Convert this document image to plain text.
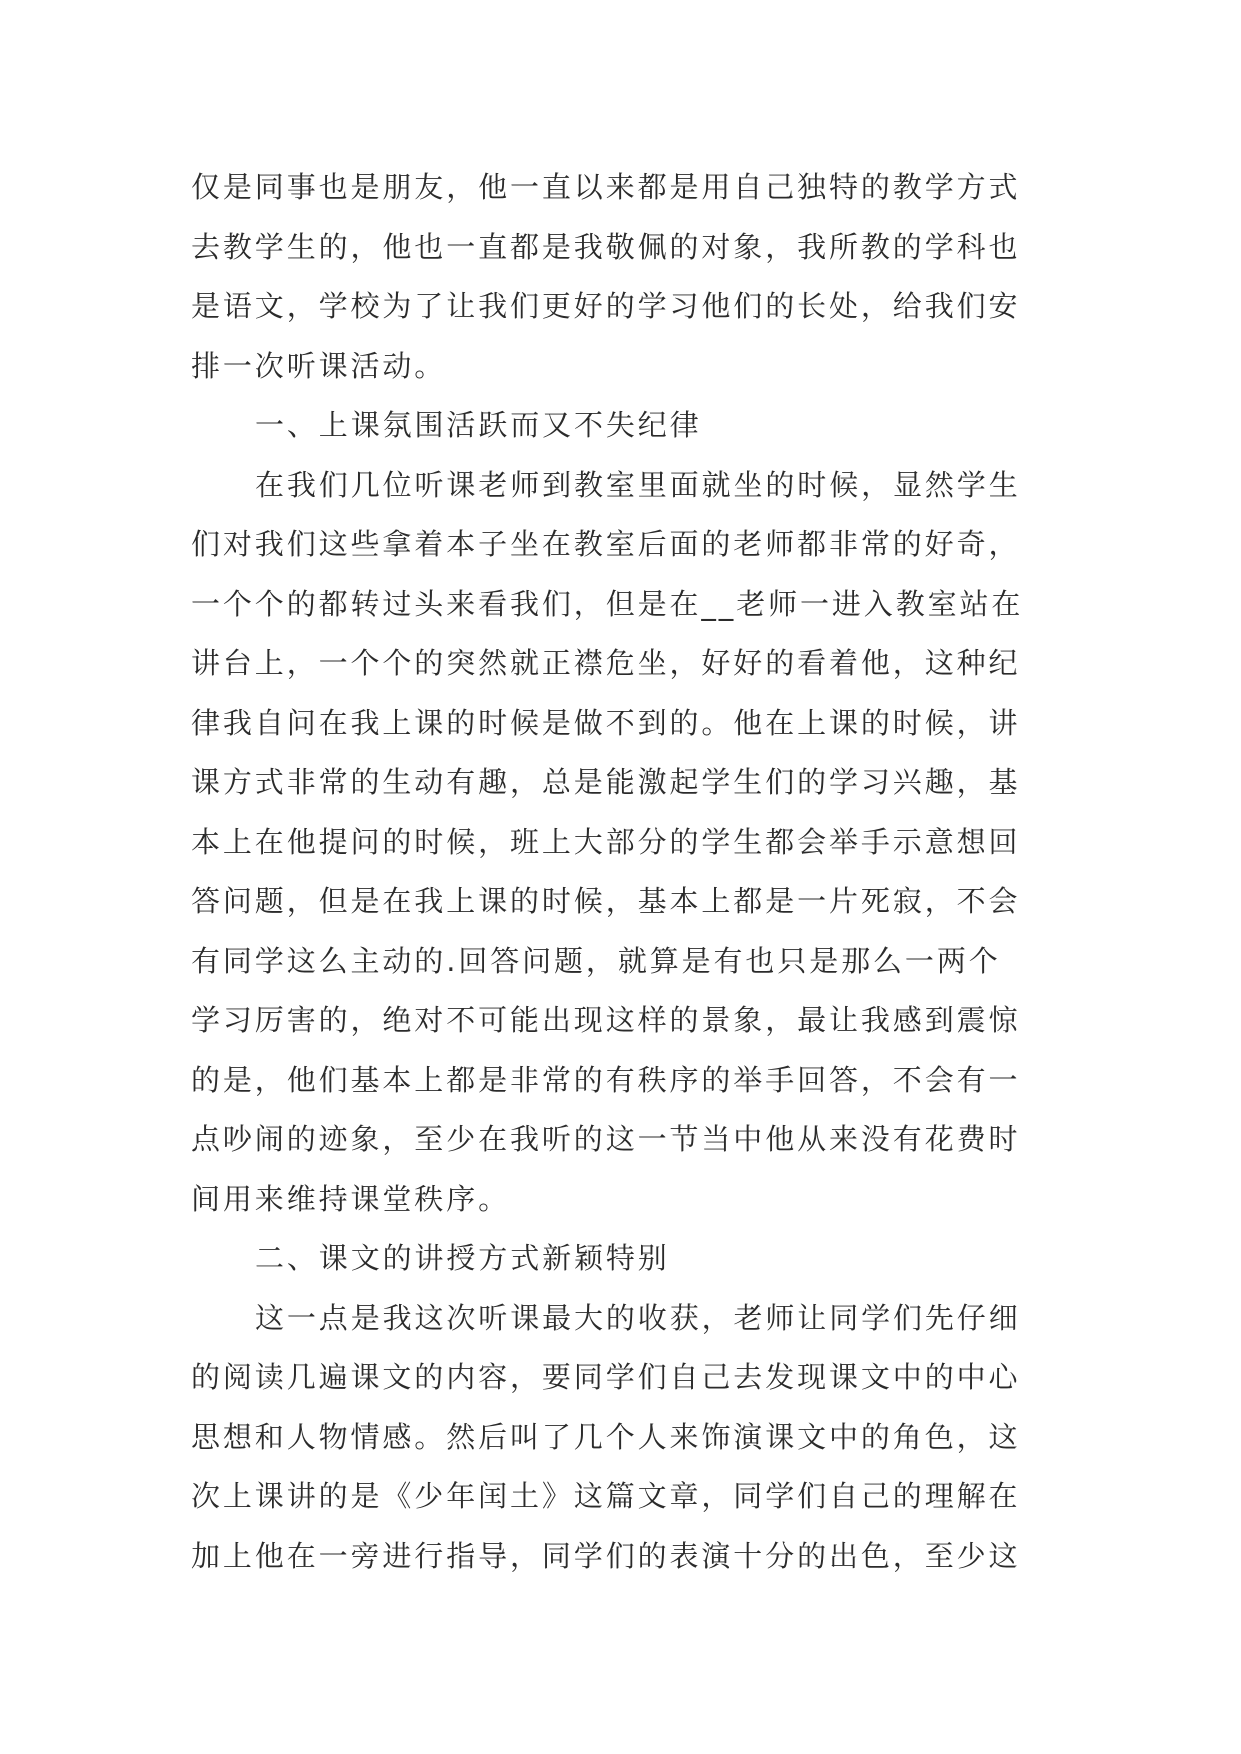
仅是同事也是朋友，他一直以来都是用自己独特的教学方式
去教学生的，他也一直都是我敬佩的对象，我所教的学科也
是语文，学校为了让我们更好的学习他们的长处，给我们安
排一次听课活动。
一、上课氛围活跃而又不失纪律
在我们几位听课老师到教室里面就坐的时候，显然学生
们对我们这些拿着本子坐在教室后面的老师都非常的好奇，
一个个的都转过头来看我们，但是在__老师一进入教室站在
讲台上，一个个的突然就正襟危坐，好好的看着他，这种纪
律我自问在我上课的时候是做不到的。他在上课的时候，讲
课方式非常的生动有趣，总是能激起学生们的学习兴趣，基
本上在他提问的时候，班上大部分的学生都会举手示意想回
答问题，但是在我上课的时候，基本上都是一片死寂，不会
有同学这么主动的.回答问题，就算是有也只是那么一两个
学习厉害的，绝对不可能出现这样的景象，最让我感到震惊
的是，他们基本上都是非常的有秩序的举手回答，不会有一
点吵闹的迹象，至少在我听的这一节当中他从来没有花费时
间用来维持课堂秩序。
二、课文的讲授方式新颖特别
这一点是我这次听课最大的收获，老师让同学们先仔细
的阅读几遍课文的内容，要同学们自己去发现课文中的中心
思想和人物情感。然后叫了几个人来饰演课文中的角色，这
次上课讲的是《少年闰土》这篇文章，同学们自己的理解在
加上他在一旁进行指导，同学们的表演十分的出色，至少这
